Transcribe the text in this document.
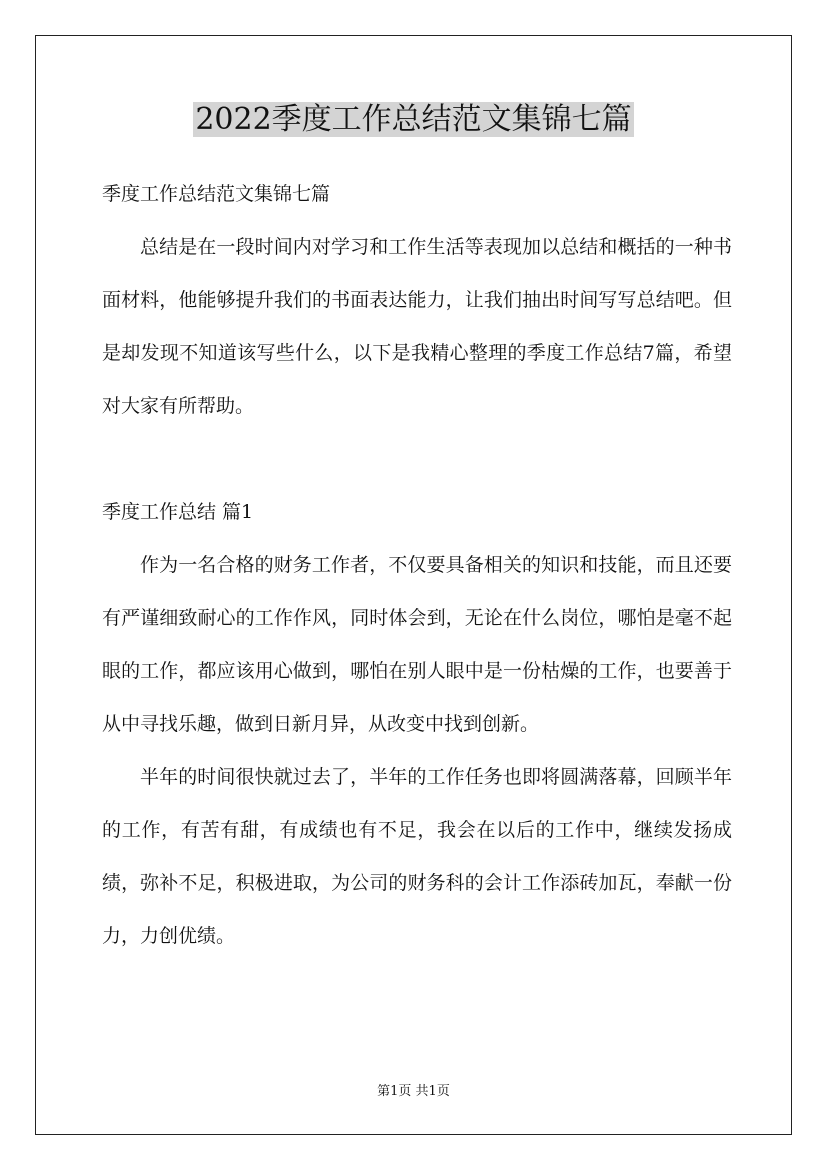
2022季度工作总结范文集锦七篇

季度工作总结范文集锦七篇

总结是在一段时间内对学习和工作生活等表现加以总结和概括的一种书面材料，他能够提升我们的书面表达能力，让我们抽出时间写写总结吧。但是却发现不知道该写些什么，以下是我精心整理的季度工作总结7篇，希望对大家有所帮助。

季度工作总结 篇1

作为一名合格的财务工作者，不仅要具备相关的知识和技能，而且还要有严谨细致耐心的工作作风，同时体会到，无论在什么岗位，哪怕是毫不起眼的工作，都应该用心做到，哪怕在别人眼中是一份枯燥的工作，也要善于从中寻找乐趣，做到日新月异，从改变中找到创新。

半年的时间很快就过去了，半年的工作任务也即将圆满落幕，回顾半年的工作，有苦有甜，有成绩也有不足，我会在以后的工作中，继续发扬成绩，弥补不足，积极进取，为公司的财务科的会计工作添砖加瓦，奉献一份力，力创优绩。

第1页 共1页
